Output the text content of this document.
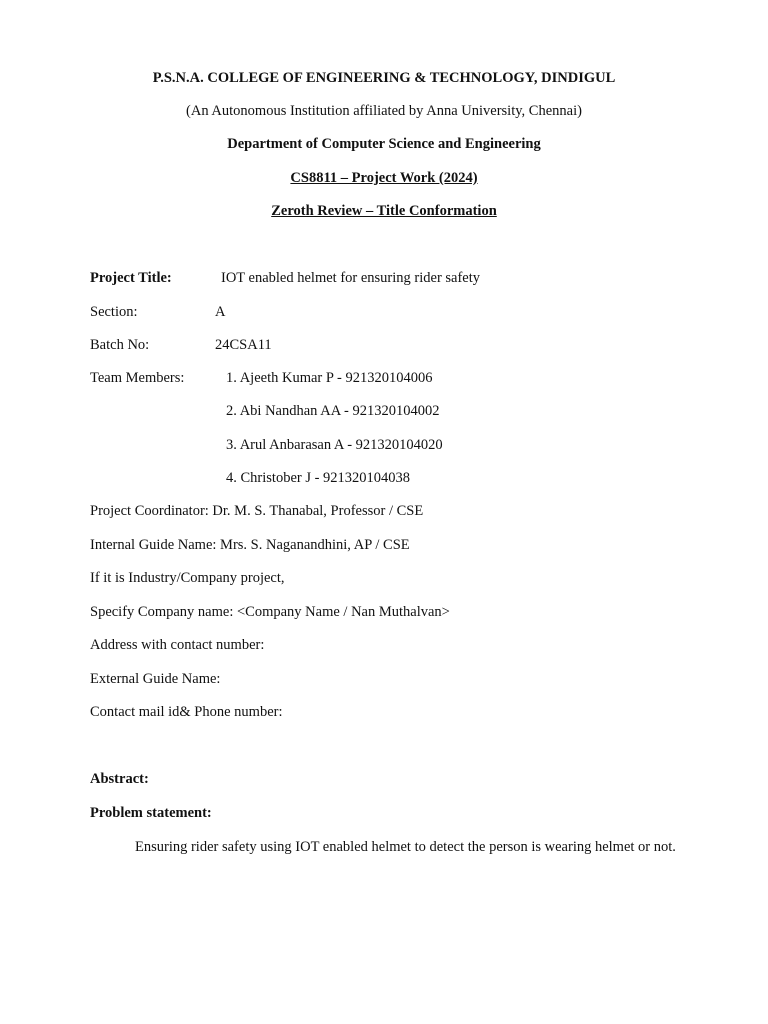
P.S.N.A. COLLEGE OF ENGINEERING & TECHNOLOGY, DINDIGUL
(An Autonomous Institution affiliated by Anna University, Chennai)
Department of Computer Science and Engineering
CS8811 – Project Work (2024)
Zeroth Review – Title Conformation
Project Title:	IOT enabled helmet for ensuring rider safety
Section:	A
Batch No:	24CSA11
Team Members:	1. Ajeeth Kumar P - 921320104006
2. Abi Nandhan AA - 921320104002
3. Arul Anbarasan A - 921320104020
4. Christober J - 921320104038
Project Coordinator: Dr. M. S. Thanabal, Professor / CSE
Internal Guide Name: Mrs. S. Naganandhini, AP / CSE
If it is Industry/Company project,
Specify Company name: <Company Name / Nan Muthalvan>
Address with contact number:
External Guide Name:
Contact mail id& Phone number:
Abstract:
Problem statement:
Ensuring rider safety using IOT enabled helmet to detect the person is wearing helmet or not.
